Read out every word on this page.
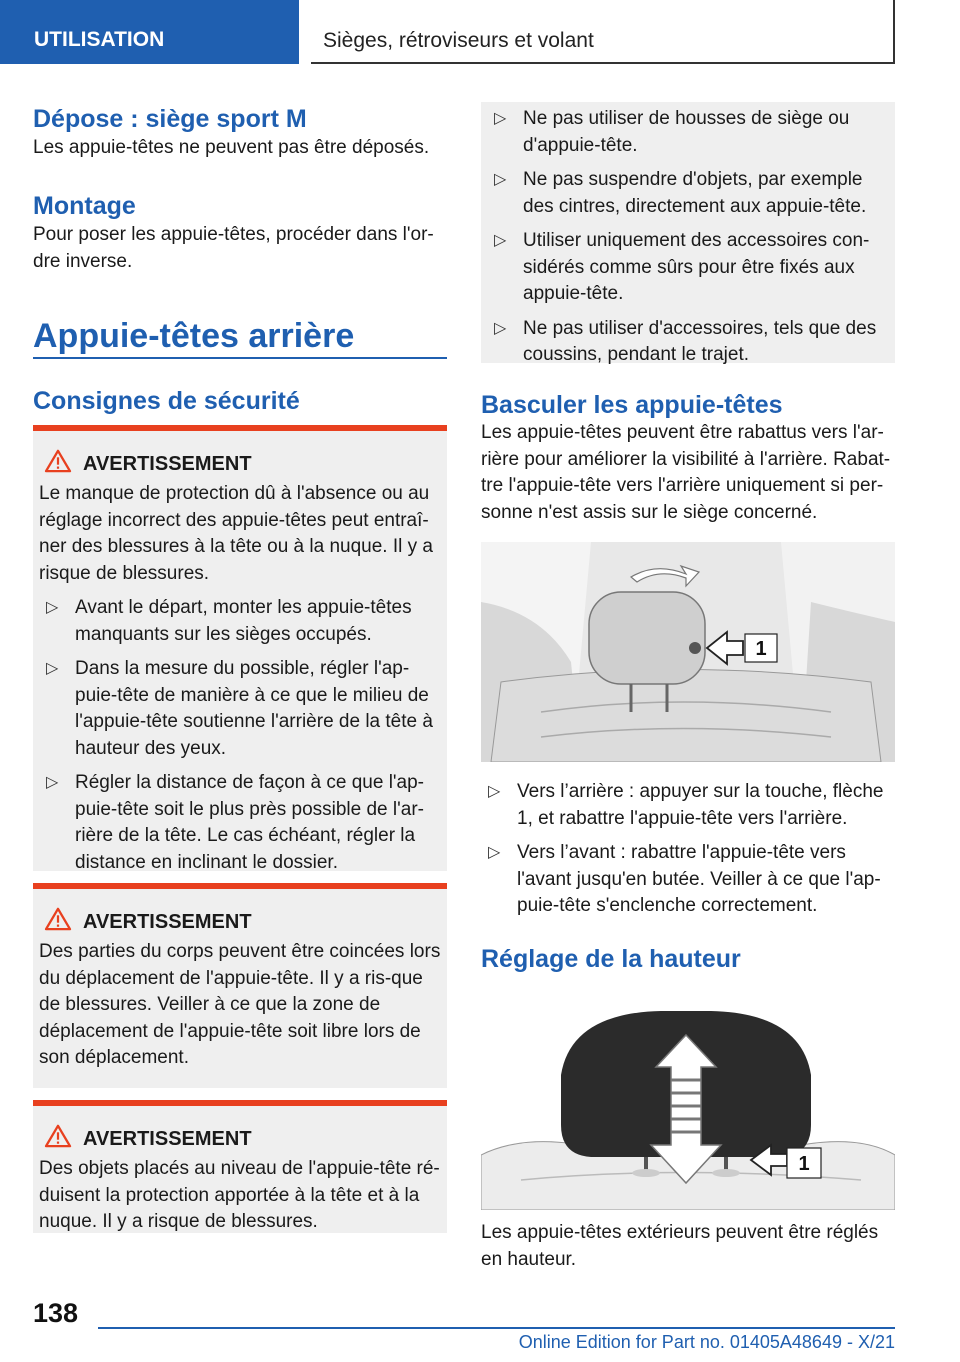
UTILISATION	Sièges, rétroviseurs et volant
Dépose : siège sport M

Les appuie-têtes ne peuvent pas être déposés.

Montage

Pour poser les appuie-têtes, procéder dans l'or-dre inverse.

Appuie-têtes arrière
Consignes de sécurité
AVERTISSEMENT

Le manque de protection dû à l'absence ou au réglage incorrect des appuie-têtes peut entraî-ner des blessures à la tête ou à la nuque. Il y a risque de blessures.

▷ Avant le départ, monter les appuie-têtes manquants sur les sièges occupés.
▷ Dans la mesure du possible, régler l'ap-puie-tête de manière à ce que le milieu de l'appuie-tête soutienne l'arrière de la tête à hauteur des yeux.
▷ Régler la distance de façon à ce que l'ap-puie-tête soit le plus près possible de l'ar-rière de la tête. Le cas échéant, régler la distance en inclinant le dossier.
AVERTISSEMENT

Des parties du corps peuvent être coincées lors du déplacement de l'appuie-tête. Il y a ris-que de blessures. Veiller à ce que la zone de déplacement de l'appuie-tête soit libre lors de son déplacement.

AVERTISSEMENT

Des objets placés au niveau de l'appuie-tête ré-duisent la protection apportée à la tête et à la nuque. Il y a risque de blessures.

▷ Ne pas utiliser de housses de siège ou d'appuie-tête.
▷ Ne pas suspendre d'objets, par exemple des cintres, directement aux appuie-tête.
▷ Utiliser uniquement des accessoires con-sidérés comme sûrs pour être fixés aux appuie-tête.
▷ Ne pas utiliser d'accessoires, tels que des coussins, pendant le trajet.
Basculer les appuie-têtes

Les appuie-têtes peuvent être rabattus vers l'ar-rière pour améliorer la visibilité à l'arrière. Rabat-tre l'appuie-tête vers l'arrière uniquement si per-sonne n'est assis sur le siège concerné.

1
▷ Vers l’arrière : appuyer sur la touche, flèche 1, et rabattre l'appuie-tête vers l'arrière.
▷ Vers l’avant : rabattre l'appuie-tête vers l'avant jusqu'en butée. Veiller à ce que l'ap-puie-tête s'enclenche correctement.
Réglage de la hauteur
1

Les appuie-têtes extérieurs peuvent être réglés en hauteur.

138
Online Edition for Part no. 01405A48649 - X/21
